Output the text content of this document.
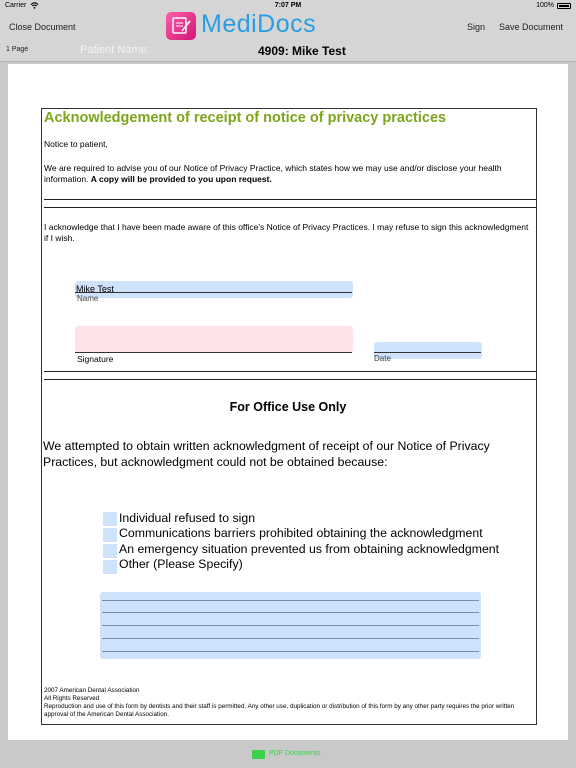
Carrier	7:07 PM	100%
Close Document	MediDocs	Sign Save Document
1 Page	Patient Name:	4909: Mike Test
Acknowledgement of receipt of notice of privacy practices
Notice to patient,
We are required to advise you of our Notice of Privacy Practice, which states how we may use and/or disclose your health information. A copy will be provided to you upon request.
I acknowledge that I have been made aware of this office's Notice of Privacy Practices. I may refuse to sign this acknowledgment if I wish.
Mike Test
Name
Signature	Date
For Office Use Only
We attempted to obtain written acknowledgment of receipt of our Notice of Privacy Practices, but acknowledgment could not be obtained because:
Individual refused to sign
Communications barriers prohibited obtaining the acknowledgment
An emergency situation prevented us from obtaining acknowledgment
Other (Please Specify)
2007 American Dental Association
All Rights Reserved
Reproduction and use of this form by dentists and their staff is permitted. Any other use, duplication or distribution of this form by any other party requires the prior written approval of the American Dental Association.
PDF Documents
